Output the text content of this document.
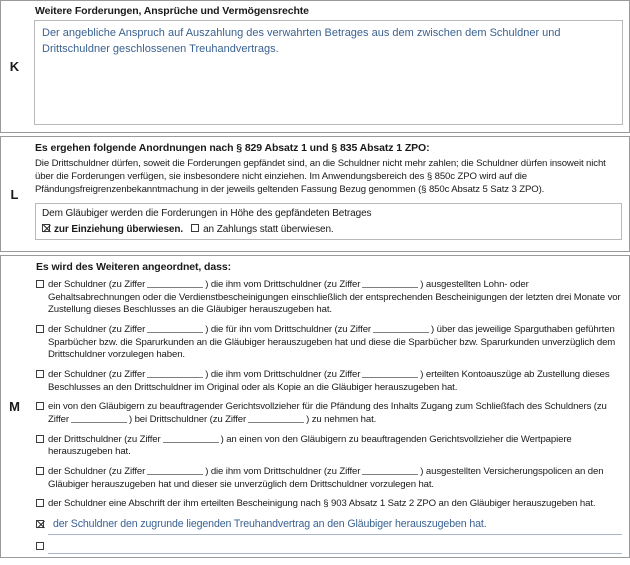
K
Weitere Forderungen, Ansprüche und Vermögensrechte

Der angebliche Anspruch auf Auszahlung des verwahrten Betrages aus dem zwischen dem Schuldner und Drittschuldner geschlossenen Treuhandvertrags.

L
Es ergehen folgende Anordnungen nach § 829 Absatz 1 und § 835 Absatz 1 ZPO:
Die Drittschuldner dürfen, soweit die Forderungen gepfändet sind, an die Schuldner nicht mehr zahlen; die Schuldner dürfen insoweit nicht über die Forderungen verfügen, sie insbesondere nicht einziehen. Im Anwendungsbereich des § 850c ZPO wird auf die Pfändungsfreigrenzenbekanntmachung in der jeweils geltenden Fassung Bezug genommen (§ 850c Absatz 5 Satz 3 ZPO).
Dem Gläubiger werden die Forderungen in Höhe des gepfändeten Betrages
zur Einziehung überwiesen. an Zahlungs statt überwiesen.
M
Es wird des Weiteren angeordnet, dass:
der Schuldner (zu Ziffer	) die ihm vom Drittschuldner (zu Ziffer	) ausgestellten Lohn- oder Gehaltsabrechnungen oder die Verdienstbescheinigungen einschließlich der entsprechenden Bescheinigungen der letzten drei Monate vor Zustellung dieses Beschlusses an die Gläubiger herauszugeben hat.
der Schuldner (zu Ziffer	) die für ihn vom Drittschuldner (zu Ziffer	) über das jeweilige Sparguthaben geführten Sparbücher bzw. die Sparurkunden an die Gläubiger herauszugeben hat und diese die Sparbücher bzw. Sparurkunden unverzüglich dem Drittschuldner vorzulegen haben.
der Schuldner (zu Ziffer	) die ihm vom Drittschuldner (zu Ziffer	) erteilten Kontoauszüge ab Zustellung dieses Beschlusses an den Drittschuldner im Original oder als Kopie an die Gläubiger herauszugeben hat.
ein von den Gläubigern zu beauftragender Gerichtsvollzieher für die Pfändung des Inhalts Zugang zum Schließfach des Schuldners (zu Ziffer	) bei Drittschuldner (zu Ziffer	) zu nehmen hat.
der Drittschuldner (zu Ziffer	) an einen von den Gläubigern zu beauftragenden Gerichtsvollzieher die Wertpapiere herauszugeben hat.
der Schuldner (zu Ziffer	) die ihm vom Drittschuldner (zu Ziffer	) ausgestellten Versicherungspolicen an den Gläubiger herauszugeben hat und dieser sie unverzüglich dem Drittschuldner vorzulegen hat.
der Schuldner eine Abschrift der ihm erteilten Bescheinigung nach § 903 Absatz 1 Satz 2 ZPO an den Gläubiger herauszugeben hat.
der Schuldner den zugrunde liegenden Treuhandvertrag an den Gläubiger herauszugeben hat.
